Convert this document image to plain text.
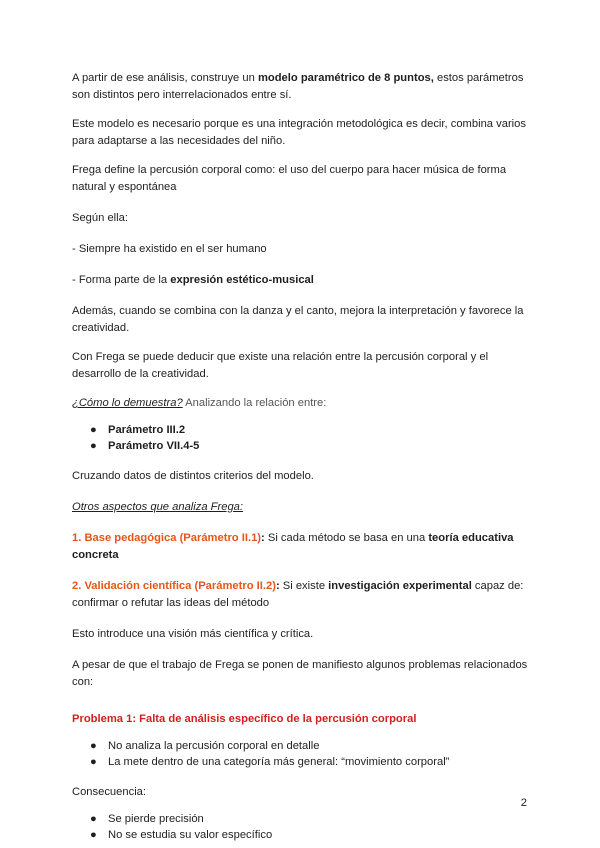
A partir de ese análisis, construye un modelo paramétrico de 8 puntos, estos parámetros son distintos pero interrelacionados entre sí.

Este modelo es necesario porque es una integración metodológica es decir, combina varios para adaptarse a las necesidades del niño.

Frega define la percusión corporal como: el uso del cuerpo para hacer música de forma natural y espontánea

Según ella:

- Siempre ha existido en el ser humano

- Forma parte de la expresión estético-musical

Además, cuando se combina con la danza y el canto, mejora la interpretación y favorece la creatividad.

Con Frega se puede deducir que existe una relación entre la percusión corporal y el desarrollo de la creatividad.

¿Cómo lo demuestra? Analizando la relación entre:

● Parámetro III.2
● Parámetro VII.4-5

Cruzando datos de distintos criterios del modelo.

Otros aspectos que analiza Frega:

1. Base pedagógica (Parámetro II.1): Si cada método se basa en una teoría educativa concreta

2. Validación científica (Parámetro II.2): Si existe investigación experimental capaz de: confirmar o refutar las ideas del método

Esto introduce una visión más científica y crítica.

A pesar de que el trabajo de Frega se ponen de manifiesto algunos problemas relacionados con:

Problema 1: Falta de análisis específico de la percusión corporal

● No analiza la percusión corporal en detalle
● La mete dentro de una categoría más general: “movimiento corporal”

Consecuencia:

● Se pierde precisión
● No se estudia su valor específico
2
